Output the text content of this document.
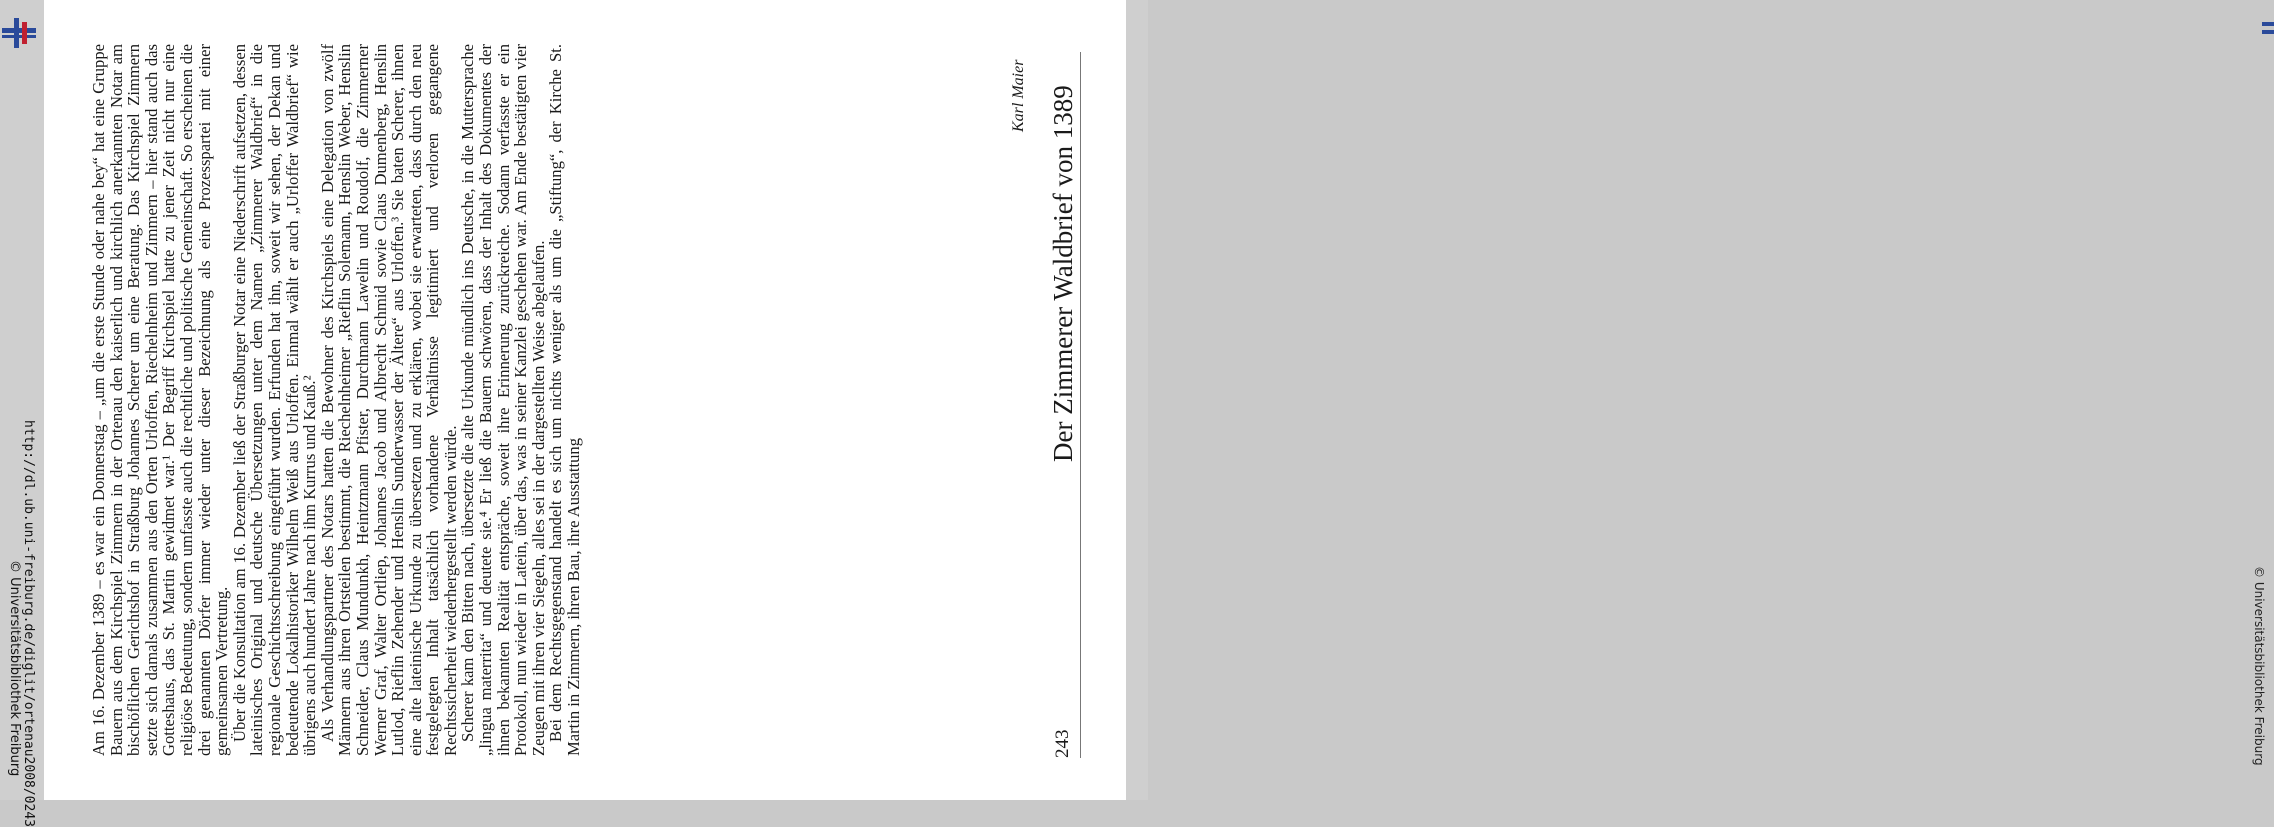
http://dl.ub.uni-freiburg.de/diglit/ortenau2008/0243
© Universitätsbibliothek Freiburg	243
Der Zimmerer Waldbrief von 1389
Karl Maier

Am 16. Dezember 1389 – es war ein Donnerstag – „um die erste Stunde oder nahe bey“ hat eine Gruppe Bauern aus dem Kirchspiel Zimmern in der Ortenau den kaiserlich und kirchlich anerkannten Notar am bischöflichen Gerichtshof in Straßburg Johannes Scherer um eine Beratung. Das Kirchspiel Zimmern setzte sich damals zusammen aus den Orten Urloffen, Riechelnheim und Zimmern – hier stand auch das Gotteshaus, das St. Martin gewidmet war.¹ Der Begriff Kirchspiel hatte zu jener Zeit nicht nur eine religiöse Bedeutung, sondern umfasste auch die rechtliche und politische Gemeinschaft. So erscheinen die drei genannten Dörfer immer wieder unter dieser Bezeichnung als eine Prozesspartei mit einer gemeinsamen Vertretung.

Über die Konsultation am 16. Dezember ließ der Straßburger Notar eine Niederschrift aufsetzen, dessen lateinisches Original und deutsche Übersetzungen unter dem Namen „Zimmerer Waldbrief“ in die regionale Geschichtsschreibung eingeführt wurden. Erfunden hat ihn, soweit wir sehen, der Dekan und bedeutende Lokalhistoriker Wilhelm Weiß aus Urloffen. Einmal wählt er auch „Urloffer Waldbrief“ wie übrigens auch hundert Jahre nach ihm Kurrus und Kauß.²

Als Verhandlungspartner des Notars hatten die Bewohner des Kirchspiels eine Delegation von zwölf Männern aus ihren Ortsteilen bestimmt, die Riechelnheimer „Rieflin Solemann, Henslin Weber, Henslin Schneider, Claus Mundunkh, Heintzmann Pfister, Durchmann Lawelin und Roudolf, die Zimmerner Werner Graf, Walter Ortliep, Johannes Jacob und Albrecht Schmid sowie Claus Dumenberg, Henslin Lutlod, Rieflin Zehender und Henslin Sunderwasser der Ältere“ aus Urloffen.³ Sie baten Scherer, ihnen eine alte lateinische Urkunde zu übersetzen und zu erklären, wobei sie erwarteten, dass durch den neu festgelegten Inhalt tatsächlich vorhandene Verhältnisse legitimiert und verloren gegangene Rechtssicherheit wiederhergestellt werden würde.

Scherer kam den Bitten nach, übersetzte die alte Urkunde mündlich ins Deutsche, in die Muttersprache „lingua materrita“ und deutete sie.⁴ Er ließ die Bauern schwören, dass der Inhalt des Dokumentes der ihnen bekannten Realität entspräche, soweit ihre Erinnerung zurückreiche. Sodann verfasste er ein Protokoll, nun wieder in Latein, über das, was in seiner Kanzlei geschehen war. Am Ende bestätigten vier Zeugen mit ihren vier Siegeln, alles sei in der dargestellten Weise abgelaufen.

Bei dem Rechtsgegenstand handelt es sich um nichts weniger als um die „Stiftung“, der Kirche St. Martin in Zimmern, ihren Bau, ihre Ausstattung	© Universitätsbibliothek Freiburg
